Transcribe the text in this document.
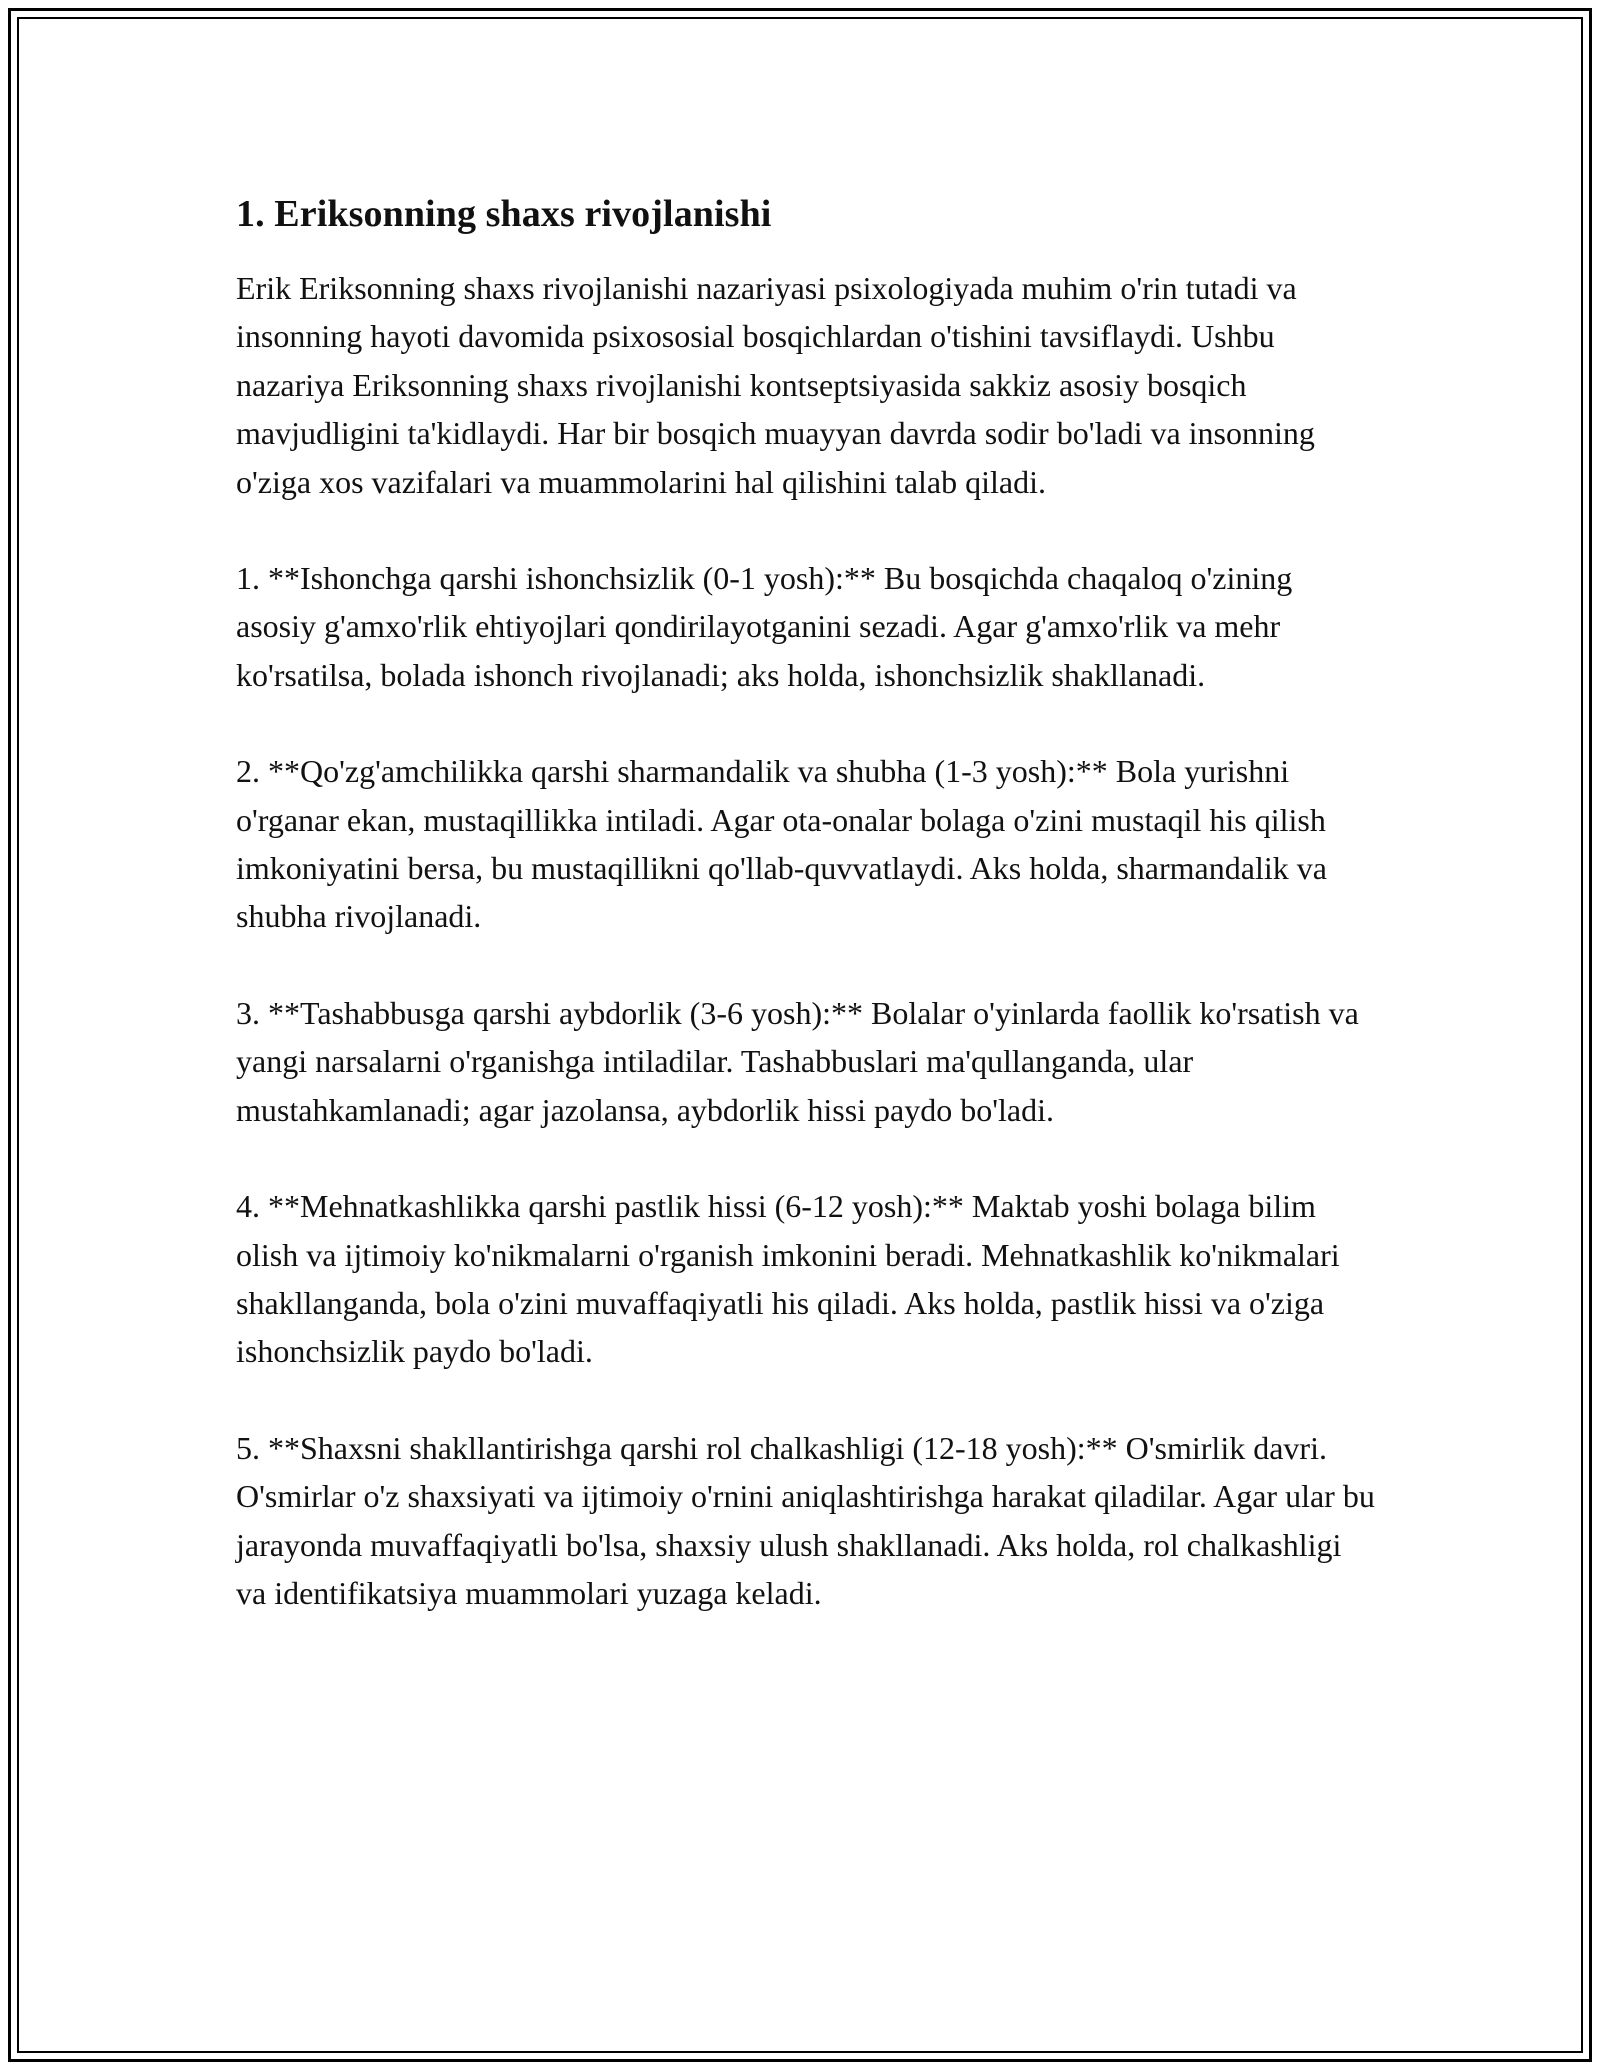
1. Eriksonning shaxs rivojlanishi

Erik Eriksonning shaxs rivojlanishi nazariyasi psixologiyada muhim o'rin tutadi va insonning hayoti davomida psixososial bosqichlardan o'tishini tavsiflaydi. Ushbu nazariya Eriksonning shaxs rivojlanishi kontseptsiyasida sakkiz asosiy bosqich mavjudligini ta'kidlaydi. Har bir bosqich muayyan davrda sodir bo'ladi va insonning o'ziga xos vazifalari va muammolarini hal qilishini talab qiladi.

1. **Ishonchga qarshi ishonchsizlik (0-1 yosh):** Bu bosqichda chaqaloq o'zining asosiy g'amxo'rlik ehtiyojlari qondirilayotganini sezadi. Agar g'amxo'rlik va mehr ko'rsatilsa, bolada ishonch rivojlanadi; aks holda, ishonchsizlik shakllanadi.

2. **Qo'zg'amchilikka qarshi sharmandalik va shubha (1-3 yosh):** Bola yurishni o'rganar ekan, mustaqillikka intiladi. Agar ota-onalar bolaga o'zini mustaqil his qilish imkoniyatini bersa, bu mustaqillikni qo'llab-quvvatlaydi. Aks holda, sharmandalik va shubha rivojlanadi.

3. **Tashabbusga qarshi aybdorlik (3-6 yosh):** Bolalar o'yinlarda faollik ko'rsatish va yangi narsalarni o'rganishga intiladilar. Tashabbuslari ma'qullanganda, ular mustahkamlanadi; agar jazolansa, aybdorlik hissi paydo bo'ladi.

4. **Mehnatkashlikka qarshi pastlik hissi (6-12 yosh):** Maktab yoshi bolaga bilim olish va ijtimoiy ko'nikmalarni o'rganish imkonini beradi. Mehnatkashlik ko'nikmalari shakllanganda, bola o'zini muvaffaqiyatli his qiladi. Aks holda, pastlik hissi va o'ziga ishonchsizlik paydo bo'ladi.

5. **Shaxsni shakllantirishga qarshi rol chalkashligi (12-18 yosh):** O'smirlik davri. O'smirlar o'z shaxsiyati va ijtimoiy o'rnini aniqlashtirishga harakat qiladilar. Agar ular bu jarayonda muvaffaqiyatli bo'lsa, shaxsiy ulush shakllanadi. Aks holda, rol chalkashligi va identifikatsiya muammolari yuzaga keladi.
